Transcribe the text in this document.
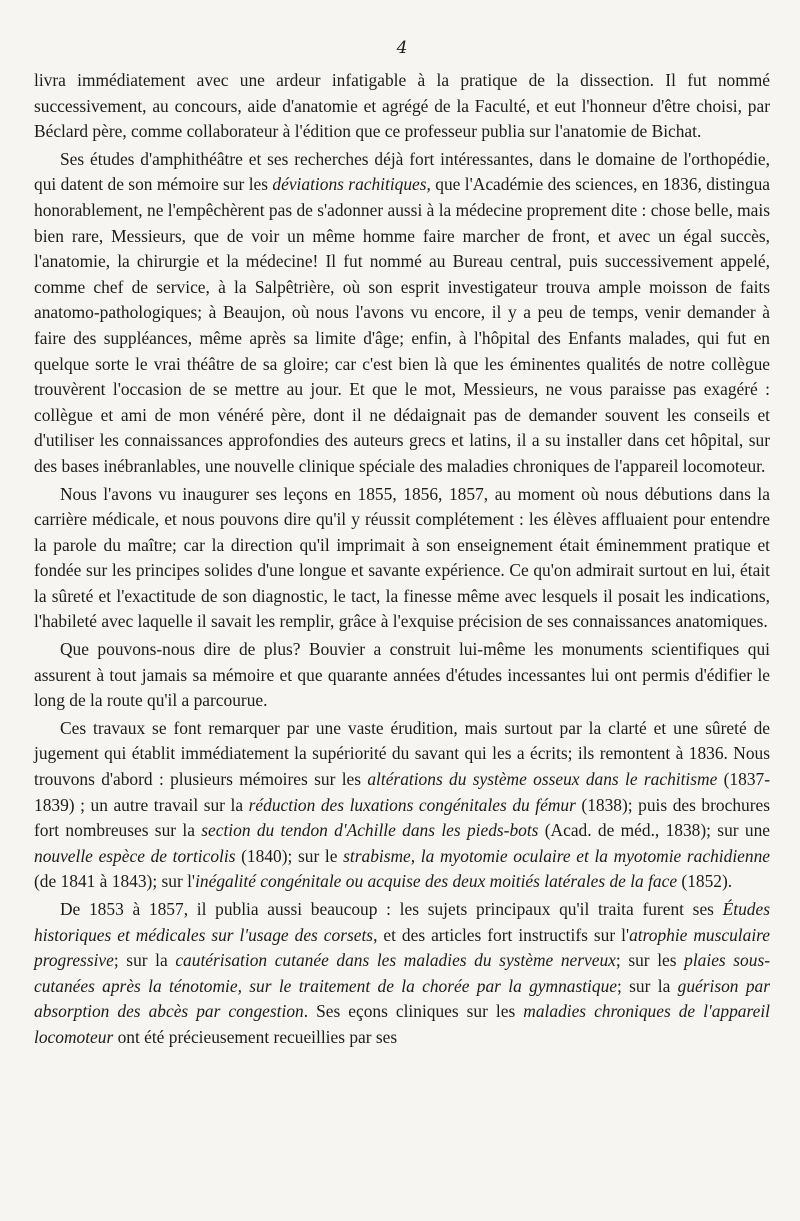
4

livra immédiatement avec une ardeur infatigable à la pratique de la dissection. Il fut nommé successivement, au concours, aide d'anatomie et agrégé de la Faculté, et eut l'honneur d'être choisi, par Béclard père, comme collaborateur à l'édition que ce professeur publia sur l'anatomie de Bichat.

Ses études d'amphithéâtre et ses recherches déjà fort intéressantes, dans le domaine de l'orthopédie, qui datent de son mémoire sur les déviations rachitiques, que l'Académie des sciences, en 1836, distingua honorablement, ne l'empêchèrent pas de s'adonner aussi à la médecine proprement dite : chose belle, mais bien rare, Messieurs, que de voir un même homme faire marcher de front, et avec un égal succès, l'anatomie, la chirurgie et la médecine! Il fut nommé au Bureau central, puis successivement appelé, comme chef de service, à la Salpêtrière, où son esprit investigateur trouva ample moisson de faits anatomo-pathologiques; à Beaujon, où nous l'avons vu encore, il y a peu de temps, venir demander à faire des suppléances, même après sa limite d'âge; enfin, à l'hôpital des Enfants malades, qui fut en quelque sorte le vrai théâtre de sa gloire; car c'est bien là que les éminentes qualités de notre collègue trouvèrent l'occasion de se mettre au jour. Et que le mot, Messieurs, ne vous paraisse pas exagéré : collègue et ami de mon vénéré père, dont il ne dédaignait pas de demander souvent les conseils et d'utiliser les connaissances approfondies des auteurs grecs et latins, il a su installer dans cet hôpital, sur des bases inébranlables, une nouvelle clinique spéciale des maladies chroniques de l'appareil locomoteur.

Nous l'avons vu inaugurer ses leçons en 1855, 1856, 1857, au moment où nous débutions dans la carrière médicale, et nous pouvons dire qu'il y réussit complétement : les élèves affluaient pour entendre la parole du maître; car la direction qu'il imprimait à son enseignement était éminemment pratique et fondée sur les principes solides d'une longue et savante expérience. Ce qu'on admirait surtout en lui, était la sûreté et l'exactitude de son diagnostic, le tact, la finesse même avec lesquels il posait les indications, l'habileté avec laquelle il savait les remplir, grâce à l'exquise précision de ses connaissances anatomiques.

Que pouvons-nous dire de plus? Bouvier a construit lui-même les monuments scientifiques qui assurent à tout jamais sa mémoire et que quarante années d'études incessantes lui ont permis d'édifier le long de la route qu'il a parcourue.

Ces travaux se font remarquer par une vaste érudition, mais surtout par la clarté et une sûreté de jugement qui établit immédiatement la supériorité du savant qui les a écrits; ils remontent à 1836. Nous trouvons d'abord : plusieurs mémoires sur les altérations du système osseux dans le rachitisme (1837-1839) ; un autre travail sur la réduction des luxations congénitales du fémur (1838); puis des brochures fort nombreuses sur la section du tendon d'Achille dans les pieds-bots (Acad. de méd., 1838); sur une nouvelle espèce de torticolis (1840); sur le strabisme, la myotomie oculaire et la myotomie rachidienne (de 1841 à 1843); sur l'inégalité congénitale ou acquise des deux moitiés latérales de la face (1852).

De 1853 à 1857, il publia aussi beaucoup : les sujets principaux qu'il traita furent ses Études historiques et médicales sur l'usage des corsets, et des articles fort instructifs sur l'atrophie musculaire progressive; sur la cautérisation cutanée dans les maladies du système nerveux; sur les plaies sous-cutanées après la ténotomie, sur le traitement de la chorée par la gymnastique; sur la guérison par absorption des abcès par congestion. Ses eçons cliniques sur les maladies chroniques de l'appareil locomoteur ont été précieusement recueillies par ses
